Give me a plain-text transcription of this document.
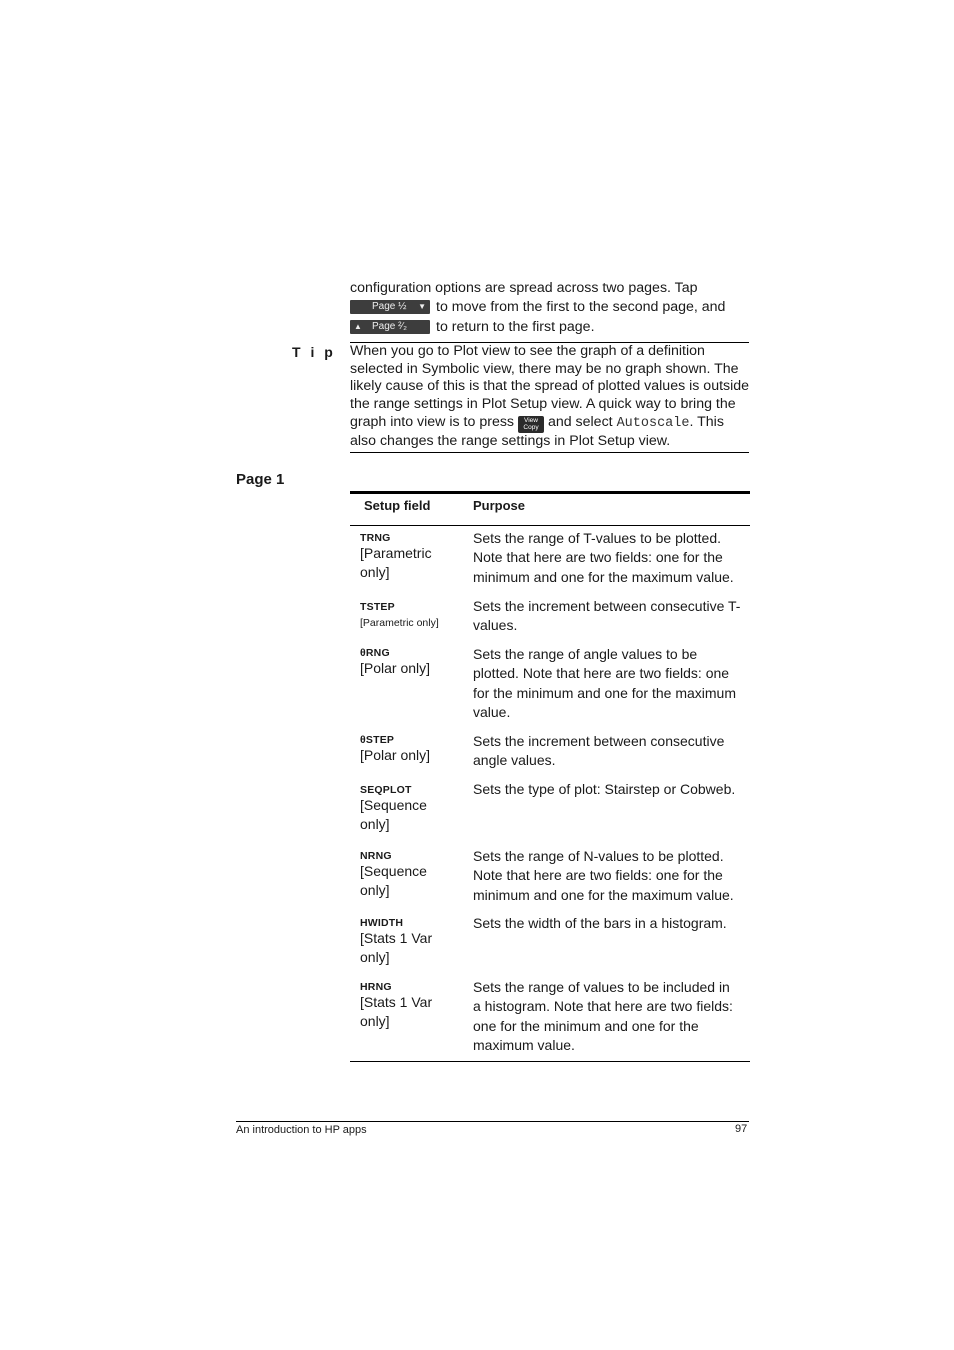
configuration options are spread across two pages. Tap
Page ½ ▼ to move from the first to the second page, and
▲ Page ²⁄₂ to return to the first page.
T i p When you go to Plot view to see the graph of a definition selected in Symbolic view, there may be no graph shown. The likely cause of this is that the spread of plotted values is outside the range settings in Plot Setup view. A quick way to bring the graph into view is to press View
Copy and select Autoscale. This also changes the range settings in Plot Setup view.
Page 1
Setup field	Purpose
TRNG
[Parametric only]
Sets the range of T-values to be plotted. Note that here are two fields: one for the minimum and one for the maximum value.
TSTEP
[Parametric only]
Sets the increment between consecutive T-values.
θRNG
[Polar only]
Sets the range of angle values to be plotted. Note that here are two fields: one for the minimum and one for the maximum value.
θSTEP
[Polar only]
Sets the increment between consecutive angle values.
SEQPLOT
[Sequence only]
Sets the type of plot: Stairstep or Cobweb.
NRNG
[Sequence only]
Sets the range of N-values to be plotted. Note that here are two fields: one for the minimum and one for the maximum value.
HWIDTH
[Stats 1 Var only]
Sets the width of the bars in a histogram.
HRNG
[Stats 1 Var only]
Sets the range of values to be included in a histogram. Note that here are two fields: one for the minimum and one for the maximum value.
An introduction to HP apps	97
